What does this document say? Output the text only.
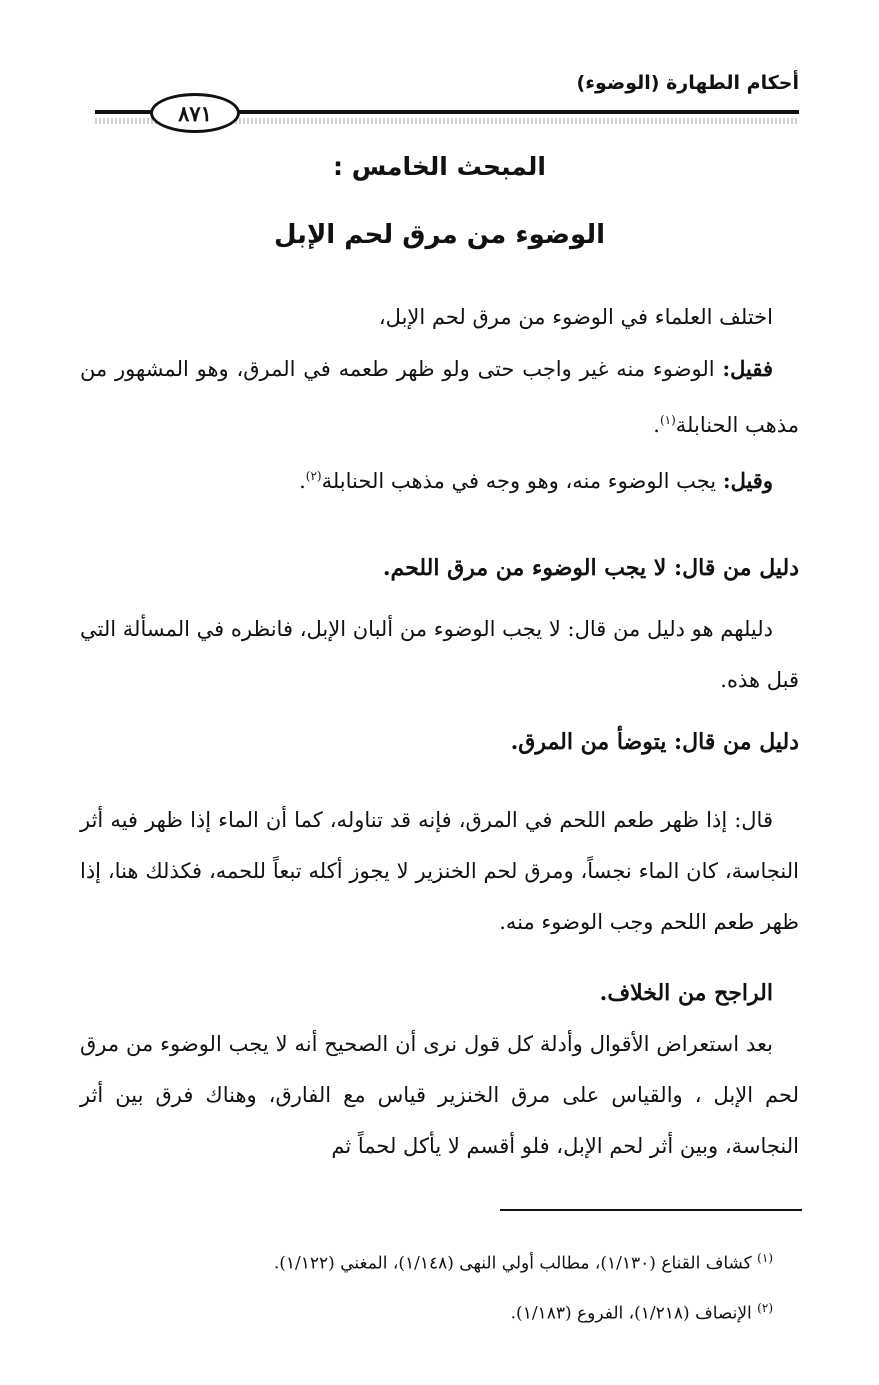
أحكام الطهارة (الوضوء)
٨٧١
المبحث الخامس :
الوضوء من مرق لحم الإبل

اختلف العلماء في الوضوء من مرق لحم الإبل،

فقيل: الوضوء منه غير واجب حتى ولو ظهر طعمه في المرق، وهو المشهور من مذهب الحنابلة$^{(١)}$.

وقيل: يجب الوضوء منه، وهو وجه في مذهب الحنابلة$^{(٢)}$.

دليل من قال: لا يجب الوضوء من مرق اللحم.

دليلهم هو دليل من قال: لا يجب الوضوء من ألبان الإبل، فانظره في المسألة التي قبل هذه.

دليل من قال: يتوضأ من المرق.

قال: إذا ظهر طعم اللحم في المرق، فإنه قد تناوله، كما أن الماء إذا ظهر فيه أثر النجاسة، كان الماء نجساً، ومرق لحم الخنزير لا يجوز أكله تبعاً للحمه، فكذلك هنا، إذا ظهر طعم اللحم وجب الوضوء منه.

الراجح من الخلاف.

بعد استعراض الأقوال وأدلة كل قول نرى أن الصحيح أنه لا يجب الوضوء من مرق لحم الإبل ، والقياس على مرق الخنزير قياس مع الفارق، وهناك فرق بين أثر النجاسة، وبين أثر لحم الإبل، فلو أقسم لا يأكل لحماً ثم

$^{(١)}$ كشاف القناع (١/١٣٠)، مطالب أولي النهى (١/١٤٨)، المغني (١/١٢٢).

$^{(٢)}$ الإنصاف (١/٢١٨)، الفروع (١/١٨٣).
